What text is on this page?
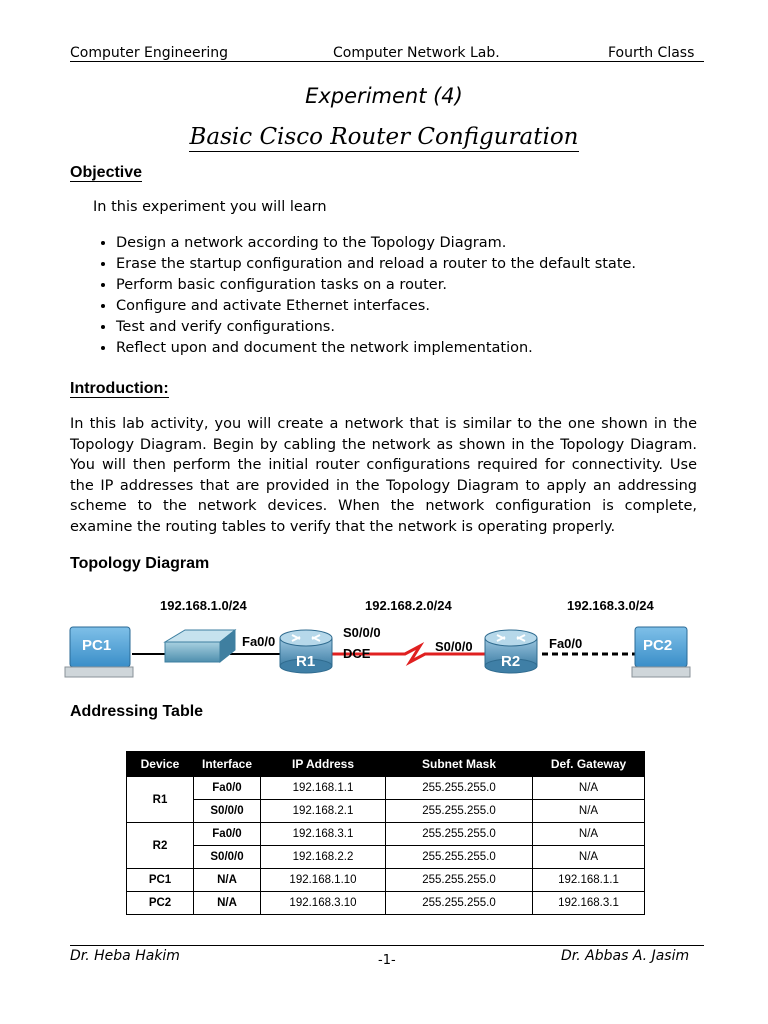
Computer Engineering	Computer Network Lab.	Fourth Class
Experiment (4)
Basic Cisco Router Configuration
Objective
In this experiment you will learn
• Design a network according to the Topology Diagram.
• Erase the startup configuration and reload a router to the default state.
• Perform basic configuration tasks on a router.
• Configure and activate Ethernet interfaces.
• Test and verify configurations.
• Reflect upon and document the network implementation.
Introduction:
In this lab activity, you will create a network that is similar to the one shown in the Topology Diagram. Begin by cabling the network as shown in the Topology Diagram. You will then perform the initial router configurations required for connectivity. Use the IP addresses that are provided in the Topology Diagram to apply an addressing scheme to the network devices. When the network configuration is complete, examine the routing tables to verify that the network is operating properly.
Topology Diagram
192.168.1.0/24	192.168.2.0/24	192.168.3.0/24
PC1	Fa0/0
R1
S0/0/0
DCE	S0/0/0
R2
Fa0/0	PC2
Addressing Table
Device	Interface	IP Address	Subnet Mask	Def. Gateway
R1	Fa0/0	192.168.1.1	255.255.255.0	N/A
	S0/0/0	192.168.2.1	255.255.255.0	N/A
R2	Fa0/0	192.168.3.1	255.255.255.0	N/A
	S0/0/0	192.168.2.2	255.255.255.0	N/A
PC1	N/A	192.168.1.10	255.255.255.0	192.168.1.1
PC2	N/A	192.168.3.10	255.255.255.0	192.168.3.1
Dr. Heba Hakim	-1-	Dr. Abbas A. Jasim
